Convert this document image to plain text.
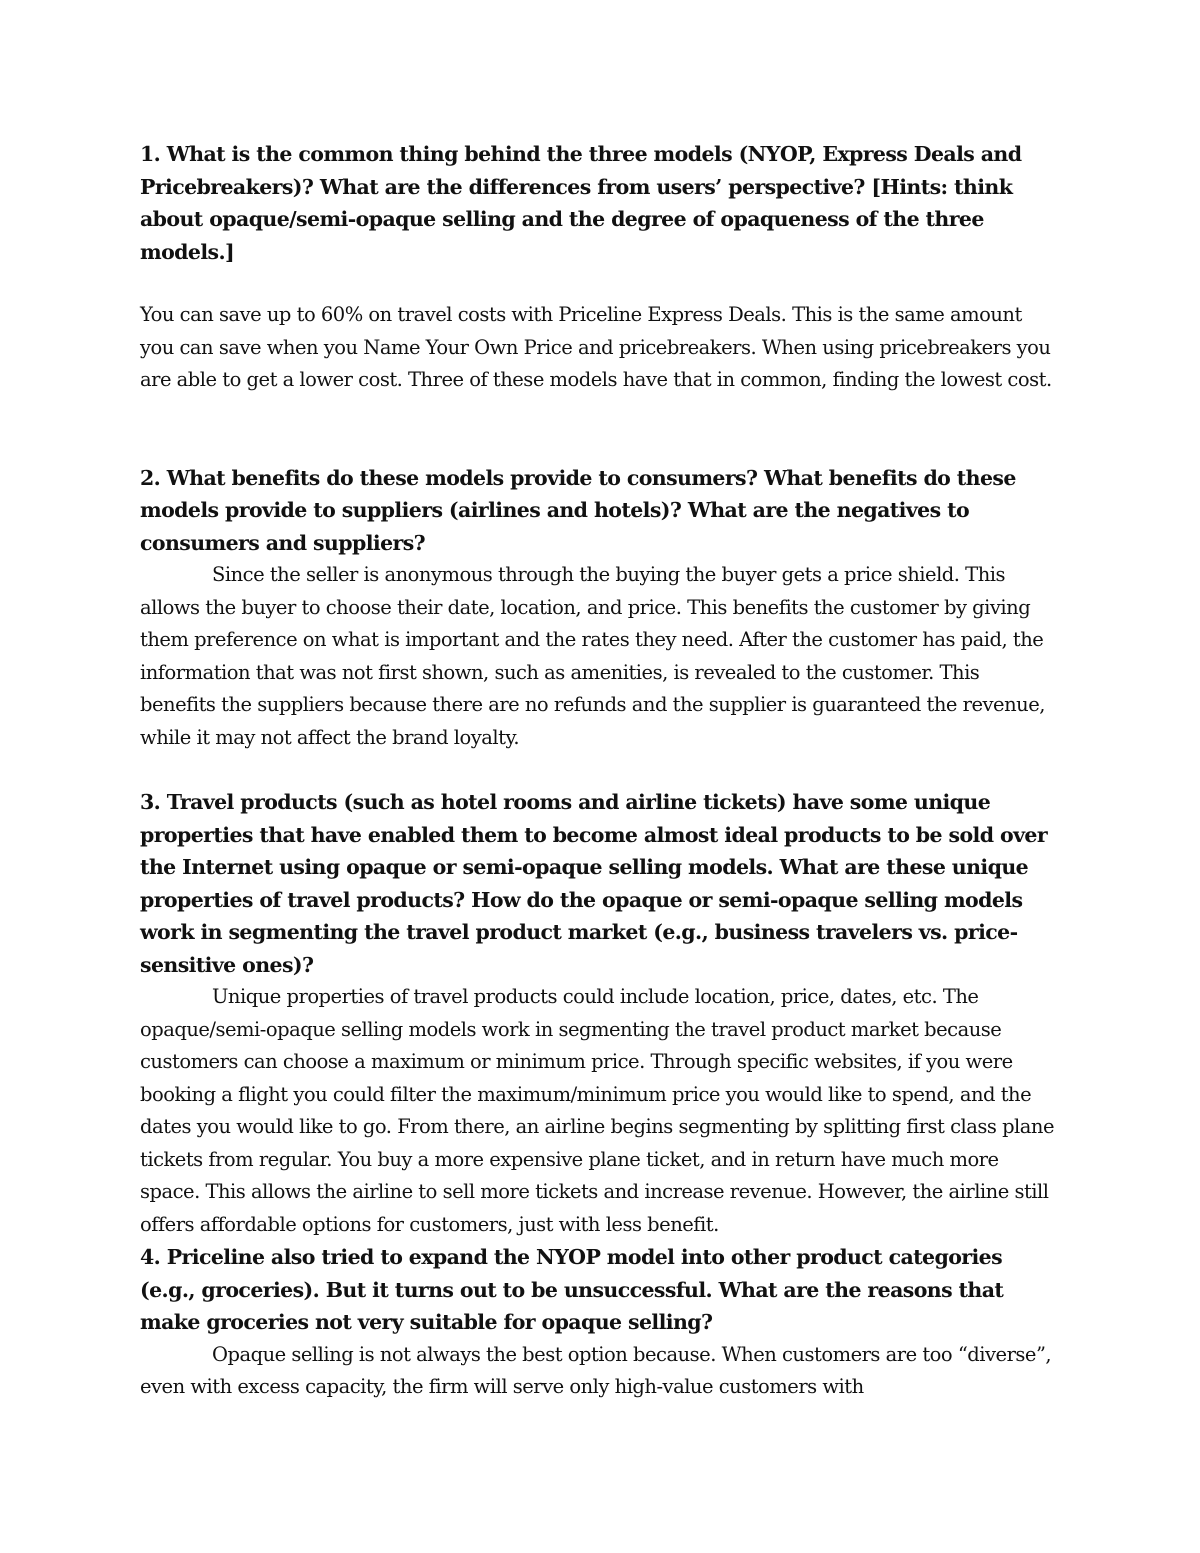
1. What is the common thing behind the three models (NYOP, Express Deals and Pricebreakers)? What are the differences from users’ perspective? [Hints: think about opaque/semi-opaque selling and the degree of opaqueness of the three models.]

You can save up to 60% on travel costs with Priceline Express Deals. This is the same amount you can save when you Name Your Own Price and pricebreakers. When using pricebreakers you are able to get a lower cost. Three of these models have that in common, finding the lowest cost.

2. What benefits do these models provide to consumers? What benefits do these models provide to suppliers (airlines and hotels)? What are the negatives to consumers and suppliers?

Since the seller is anonymous through the buying the buyer gets a price shield. This allows the buyer to choose their date, location, and price. This benefits the customer by giving them preference on what is important and the rates they need. After the customer has paid, the information that was not first shown, such as amenities, is revealed to the customer. This benefits the suppliers because there are no refunds and the supplier is guaranteed the revenue, while it may not affect the brand loyalty.

3. Travel products (such as hotel rooms and airline tickets) have some unique properties that have enabled them to become almost ideal products to be sold over the Internet using opaque or semi-opaque selling models. What are these unique properties of travel products? How do the opaque or semi-opaque selling models work in segmenting the travel product market (e.g., business travelers vs. price-sensitive ones)?

Unique properties of travel products could include location, price, dates, etc. The opaque/semi-opaque selling models work in segmenting the travel product market because customers can choose a maximum or minimum price. Through specific websites, if you were booking a flight you could filter the maximum/minimum price you would like to spend, and the dates you would like to go. From there, an airline begins segmenting by splitting first class plane tickets from regular. You buy a more expensive plane ticket, and in return have much more space. This allows the airline to sell more tickets and increase revenue. However, the airline still offers affordable options for customers, just with less benefit.

4. Priceline also tried to expand the NYOP model into other product categories (e.g., groceries). But it turns out to be unsuccessful. What are the reasons that make groceries not very suitable for opaque selling?

Opaque selling is not always the best option because. When customers are too “diverse”, even with excess capacity, the firm will serve only high-value customers with
